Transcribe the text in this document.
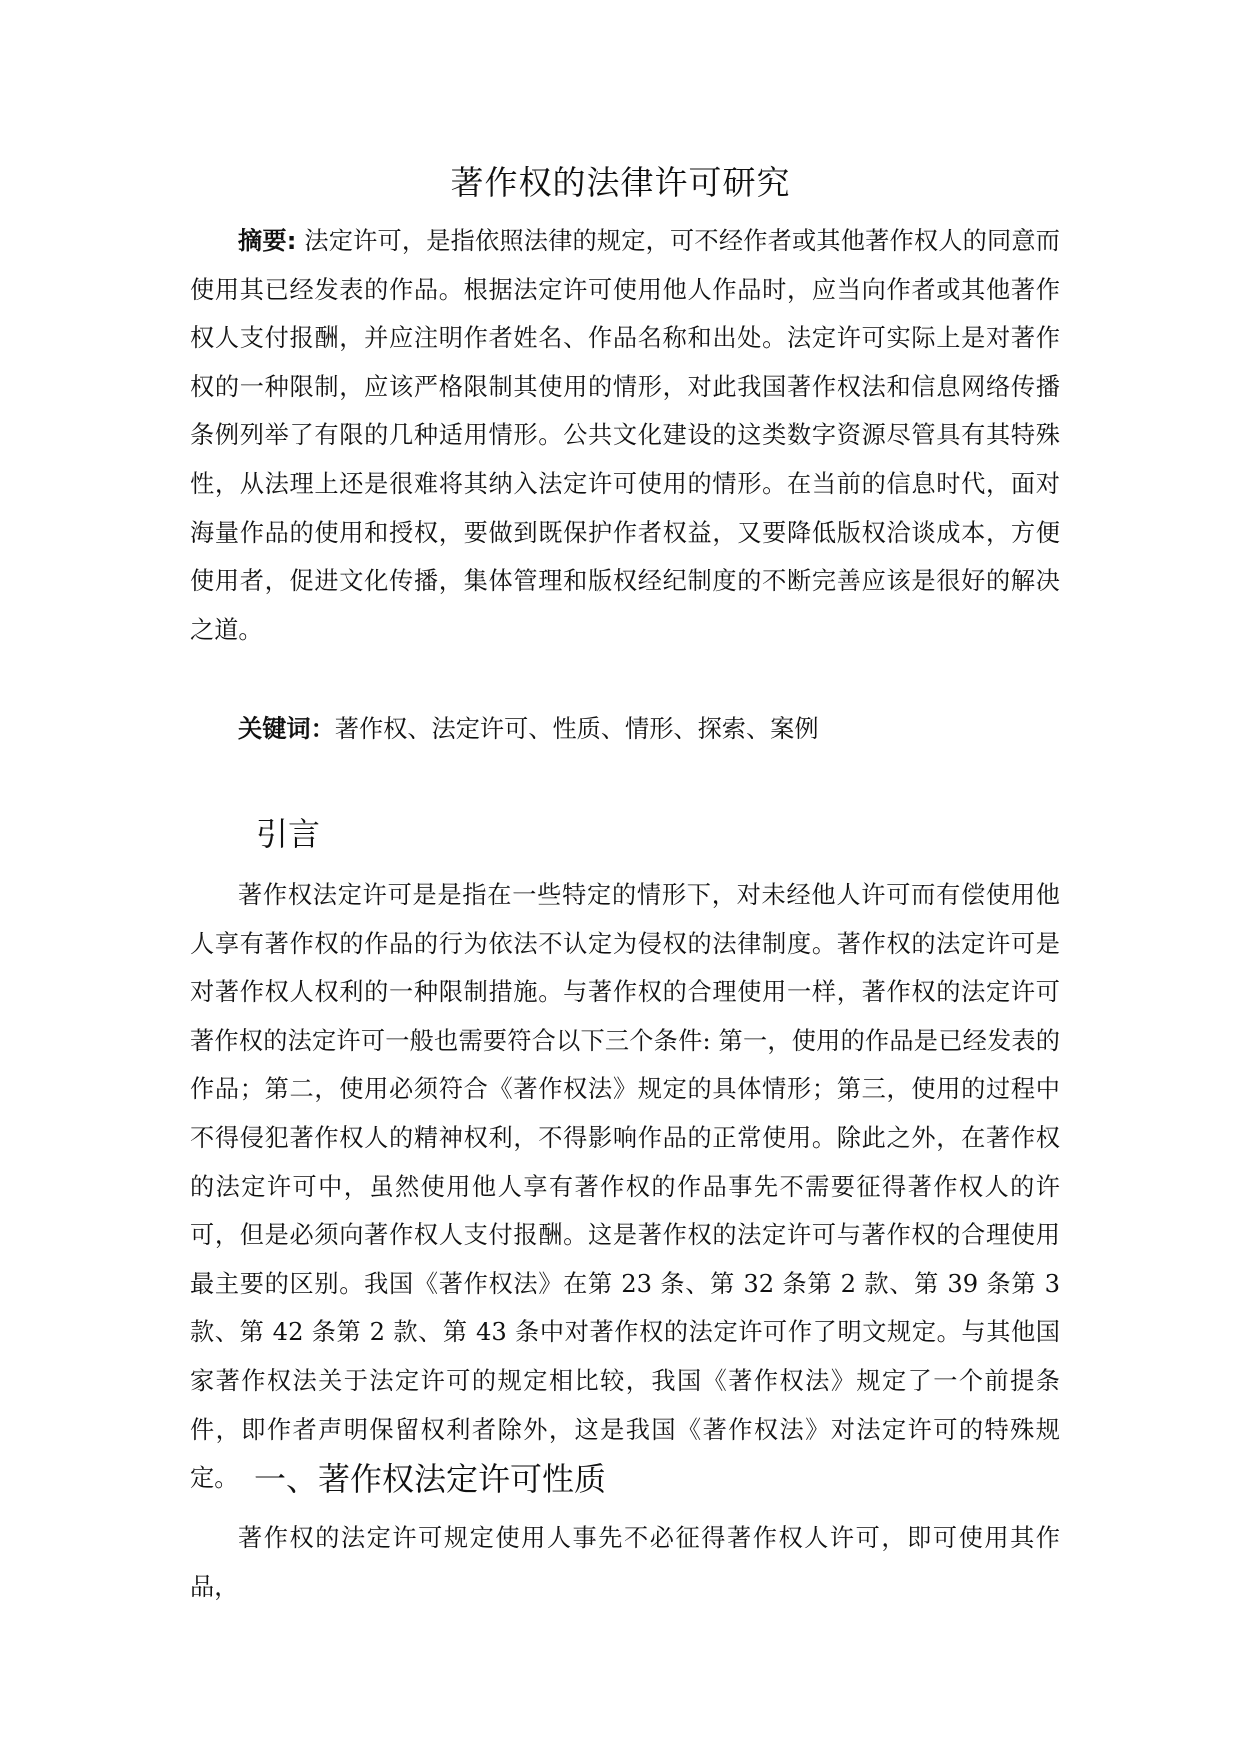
著作权的法律许可研究

摘要: 法定许可，是指依照法律的规定，可不经作者或其他著作权人的同意而使用其已经发表的作品。根据法定许可使用他人作品时，应当向作者或其他著作权人支付报酬，并应注明作者姓名、作品名称和出处。法定许可实际上是对著作权的一种限制，应该严格限制其使用的情形，对此我国著作权法和信息网络传播条例列举了有限的几种适用情形。公共文化建设的这类数字资源尽管具有其特殊性，从法理上还是很难将其纳入法定许可使用的情形。在当前的信息时代，面对海量作品的使用和授权，要做到既保护作者权益，又要降低版权洽谈成本，方便使用者，促进文化传播，集体管理和版权经纪制度的不断完善应该是很好的解决之道。

关键词：著作权、法定许可、性质、情形、探索、案例

引言

著作权法定许可是是指在一些特定的情形下，对未经他人许可而有偿使用他人享有著作权的作品的行为依法不认定为侵权的法律制度。著作权的法定许可是对著作权人权利的一种限制措施。与著作权的合理使用一样，著作权的法定许可著作权的法定许可一般也需要符合以下三个条件: 第一，使用的作品是已经发表的作品；第二，使用必须符合《著作权法》规定的具体情形；第三，使用的过程中不得侵犯著作权人的精神权利，不得影响作品的正常使用。除此之外，在著作权的法定许可中，虽然使用他人享有著作权的作品事先不需要征得著作权人的许可，但是必须向著作权人支付报酬。这是著作权的法定许可与著作权的合理使用最主要的区别。我国《著作权法》在第 23 条、第 32 条第 2 款、第 39 条第 3 款、第 42 条第 2 款、第 43 条中对著作权的法定许可作了明文规定。与其他国家著作权法关于法定许可的规定相比较，我国《著作权法》规定了一个前提条件，即作者声明保留权利者除外，这是我国《著作权法》对法定许可的特殊规定。 一、著作权法定许可性质

著作权的法定许可规定使用人事先不必征得著作权人许可，即可使用其作品，
